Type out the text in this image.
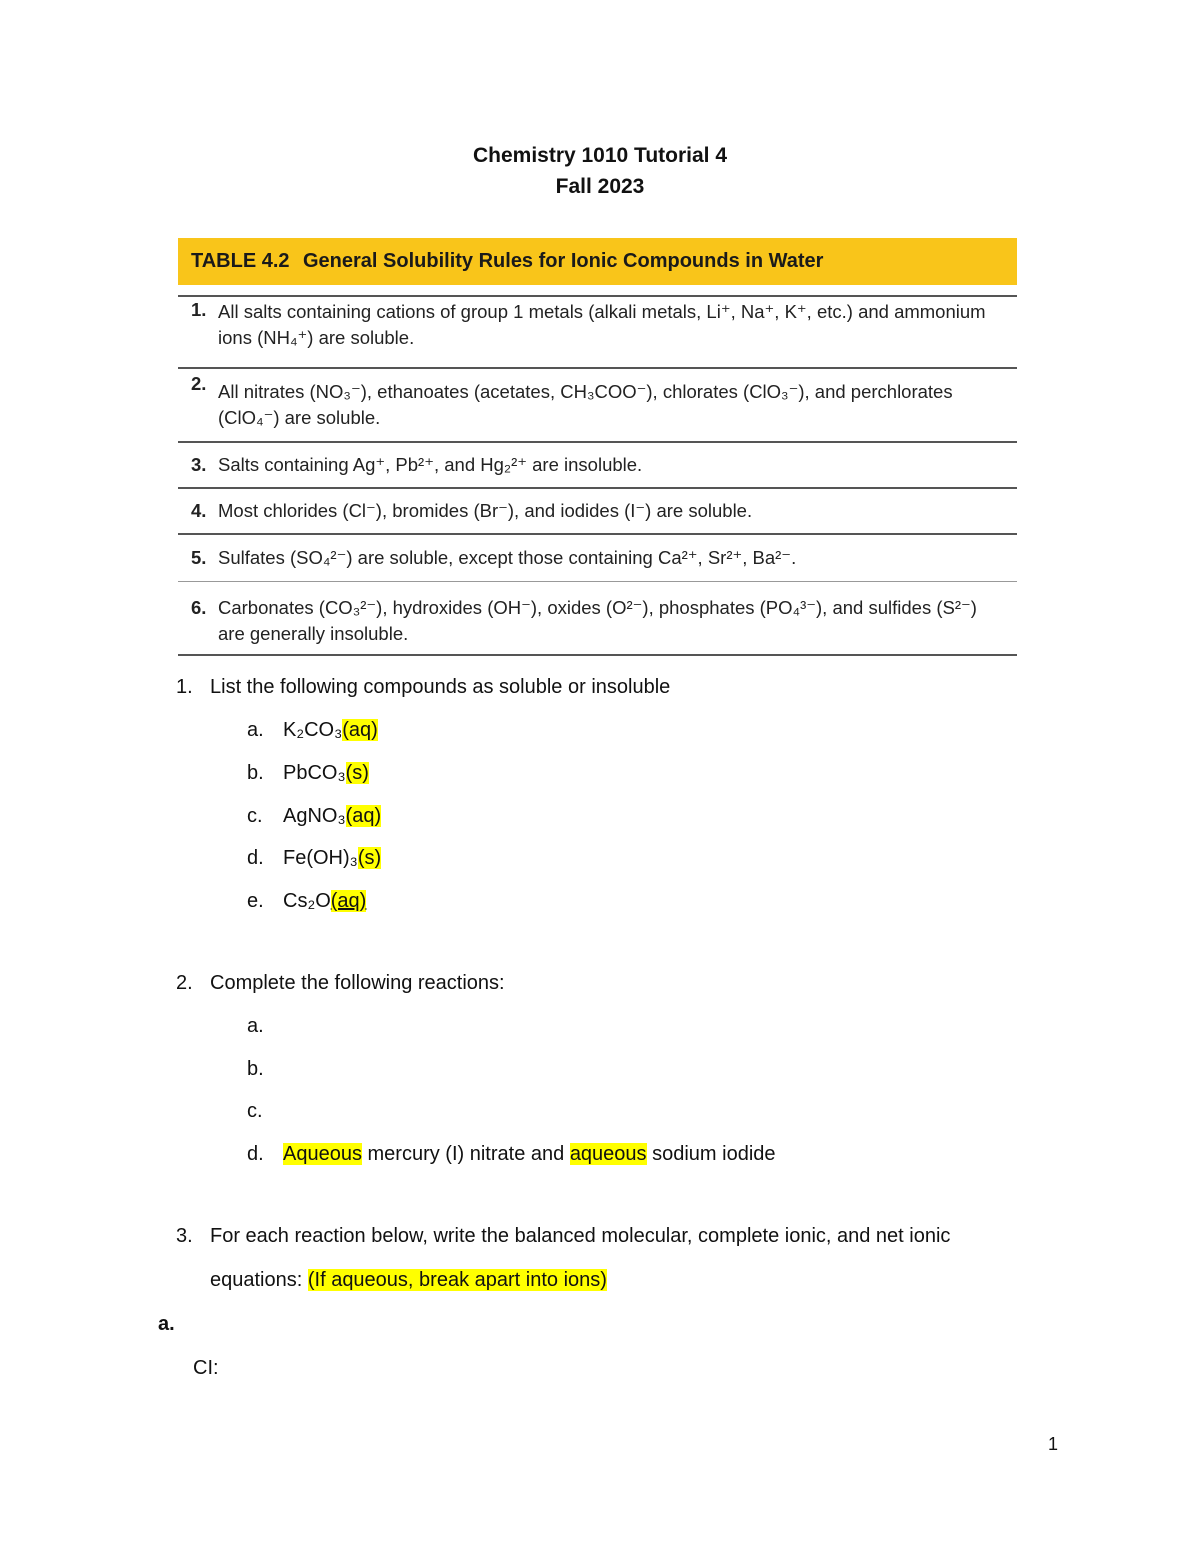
Chemistry 1010 Tutorial 4
Fall 2023
TABLE 4.2 General Solubility Rules for Ionic Compounds in Water
1. All salts containing cations of group 1 metals (alkali metals, Li⁺, Na⁺, K⁺, etc.) and ammonium ions (NH₄⁺) are soluble.
2. All nitrates (NO₃⁻), ethanoates (acetates, CH₃COO⁻), chlorates (ClO₃⁻), and perchlorates (ClO₄⁻) are soluble.
3. Salts containing Ag⁺, Pb²⁺, and Hg₂²⁺ are insoluble.
4. Most chlorides (Cl⁻), bromides (Br⁻), and iodides (I⁻) are soluble.
5. Sulfates (SO₄²⁻) are soluble, except those containing Ca²⁺, Sr²⁺, Ba²⁻.
6. Carbonates (CO₃²⁻), hydroxides (OH⁻), oxides (O²⁻), phosphates (PO₄³⁻), and sulfides (S²⁻) are generally insoluble.
1. List the following compounds as soluble or insoluble
a. K₂CO₃(aq)
b. PbCO₃(s)
c. AgNO₃(aq)
d. Fe(OH)₃(s)
e. Cs₂O(aq)
2. Complete the following reactions:
a.
b.
c.
d. Aqueous mercury (I) nitrate and aqueous sodium iodide
3. For each reaction below, write the balanced molecular, complete ionic, and net ionic
equations: (If aqueous, break apart into ions)
a.
CI:
1
